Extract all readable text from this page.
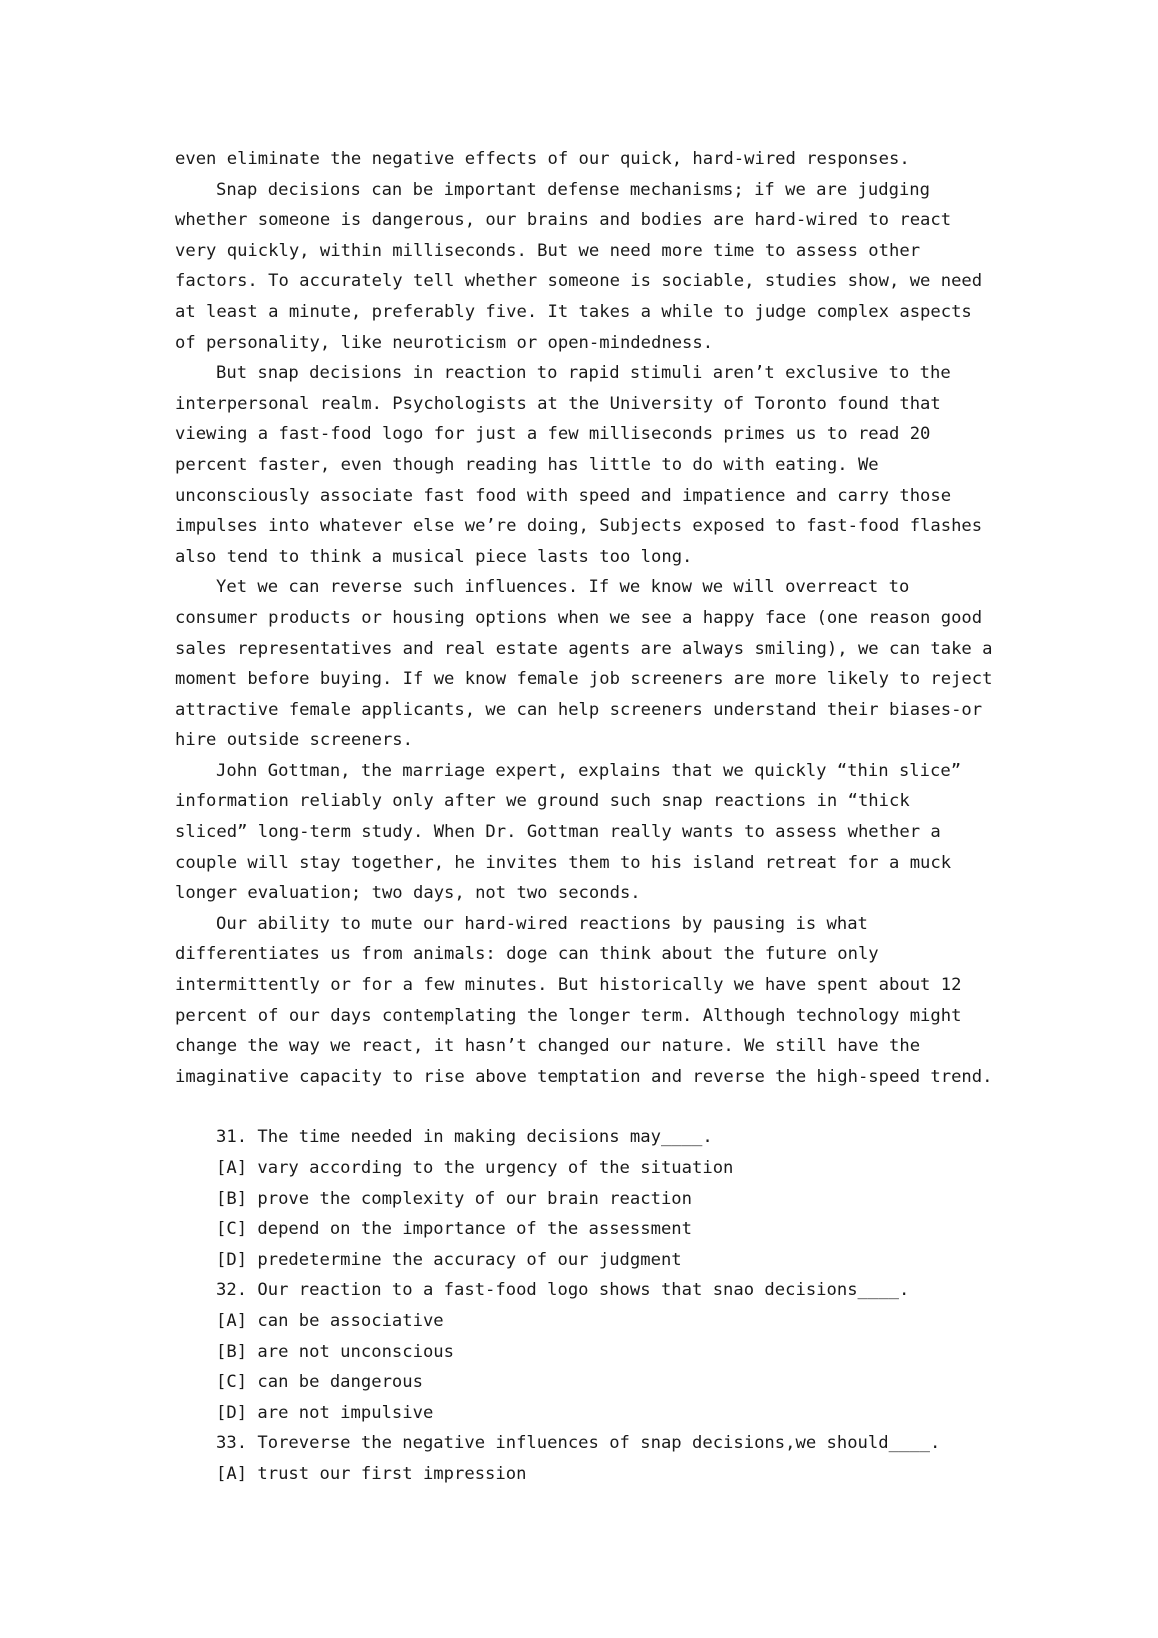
even eliminate the negative effects of our quick, hard-wired responses.
Snap decisions can be important defense mechanisms; if we are judging
whether someone is dangerous, our brains and bodies are hard-wired to react
very quickly, within milliseconds. But we need more time to assess other
factors. To accurately tell whether someone is sociable, studies show, we need
at least a minute, preferably five. It takes a while to judge complex aspects
of personality, like neuroticism or open-mindedness.
But snap decisions in reaction to rapid stimuli aren’t exclusive to the
interpersonal realm. Psychologists at the University of Toronto found that
viewing a fast-food logo for just a few milliseconds primes us to read 20
percent faster, even though reading has little to do with eating. We
unconsciously associate fast food with speed and impatience and carry those
impulses into whatever else we’re doing, Subjects exposed to fast-food flashes
also tend to think a musical piece lasts too long.
Yet we can reverse such influences. If we know we will overreact to
consumer products or housing options when we see a happy face (one reason good
sales representatives and real estate agents are always smiling), we can take a
moment before buying. If we know female job screeners are more likely to reject
attractive female applicants, we can help screeners understand their biases-or
hire outside screeners.
John Gottman, the marriage expert, explains that we quickly “thin slice”
information reliably only after we ground such snap reactions in “thick
sliced” long-term study. When Dr. Gottman really wants to assess whether a
couple will stay together, he invites them to his island retreat for a muck
longer evaluation; two days, not two seconds.
Our ability to mute our hard-wired reactions by pausing is what
differentiates us from animals: doge can think about the future only
intermittently or for a few minutes. But historically we have spent about 12
percent of our days contemplating the longer term. Although technology might
change the way we react, it hasn’t changed our nature. We still have the
imaginative capacity to rise above temptation and reverse the high-speed trend.
31. The time needed in making decisions may____.
[A] vary according to the urgency of the situation
[B] prove the complexity of our brain reaction
[C] depend on the importance of the assessment
[D] predetermine the accuracy of our judgment
32. Our reaction to a fast-food logo shows that snao decisions____.
[A] can be associative
[B] are not unconscious
[C] can be dangerous
[D] are not impulsive
33. Toreverse the negative influences of snap decisions,we should____.
[A] trust our first impression
